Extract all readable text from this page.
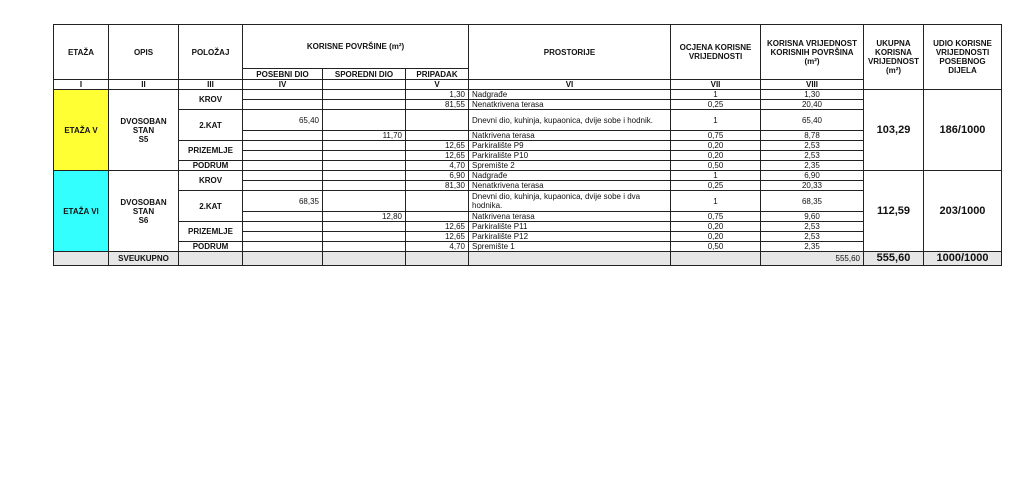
ETAŽA	OPIS	POLOŽAJ	KORISNE POVRŠINE (m²)			PROSTORIJE	OCJENA KORISNE VRIJEDNOSTI	KORISNA VRIJEDNOST KORISNIH POVRŠINA (m²)	UKUPNA KORISNA VRIJEDNOST (m²)	UDIO KORISNE VRIJEDNOSTI POSEBNOG DIJELA
			POSEBNI DIO	SPOREDNI DIO	PRIPADAK					
I	II	III	IV		V	VI	VII	VIII		
ETAŽA V	DVOSOBAN
STAN
S5	KROV			1,30	Nadgrađe	1	1,30	103,29	186/1000
					81,55	Nenatkrivena terasa	0,25	20,40		
		2.KAT	65,40			Dnevni dio, kuhinja, kupaonica, dvije sobe i hodnik.	1	65,40		
				11,70		Natkrivena terasa	0,75	8,78		
		PRIZEMLJE			12,65	Parkiralište P9	0,20	2,53		
					12,65	Parkiralište P10	0,20	2,53		
		PODRUM			4,70	Spremište 2	0,50	2,35		
ETAŽA VI	DVOSOBAN
STAN
S6	KROV			6,90	Nadgrađe	1	6,90	112,59	203/1000
					81,30	Nenatkrivena terasa	0,25	20,33		
		2.KAT	68,35			Dnevni dio, kuhinja, kupaonica, dvije sobe i dva hodnika.	1	68,35		
				12,80		Natkrivena terasa	0,75	9,60		
		PRIZEMLJE			12,65	Parkiralište P11	0,20	2,53		
					12,65	Parkiralište P12	0,20	2,53		
		PODRUM			4,70	Spremište 1	0,50	2,35		
	SVEUKUPNO							555,60	555,60	1000/1000
